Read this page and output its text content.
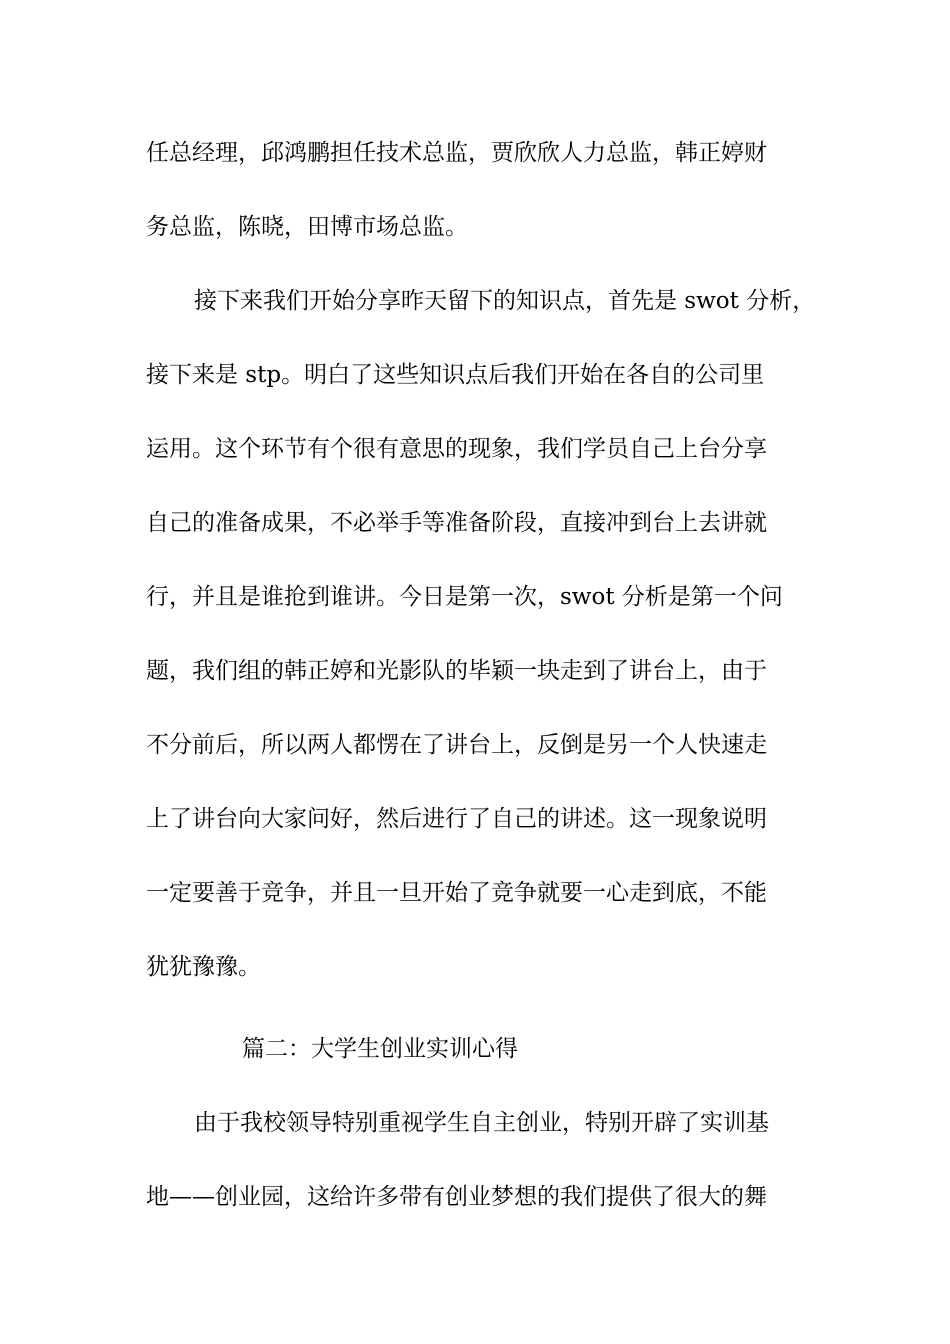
任总经理，邱鸿鹏担任技术总监，贾欣欣人力总监，韩正婷财
务总监，陈晓，田博市场总监。
接下来我们开始分享昨天留下的知识点，首先是 swot 分析，
接下来是 stp。明白了这些知识点后我们开始在各自的公司里
运用。这个环节有个很有意思的现象，我们学员自己上台分享
自己的准备成果，不必举手等准备阶段，直接冲到台上去讲就
行，并且是谁抢到谁讲。今日是第一次，swot 分析是第一个问
题，我们组的韩正婷和光影队的毕颖一块走到了讲台上，由于
不分前后，所以两人都愣在了讲台上，反倒是另一个人快速走
上了讲台向大家问好，然后进行了自己的讲述。这一现象说明
一定要善于竞争，并且一旦开始了竞争就要一心走到底，不能
犹犹豫豫。
篇二：大学生创业实训心得
由于我校领导特别重视学生自主创业，特别开辟了实训基
地——创业园，这给许多带有创业梦想的我们提供了很大的舞
